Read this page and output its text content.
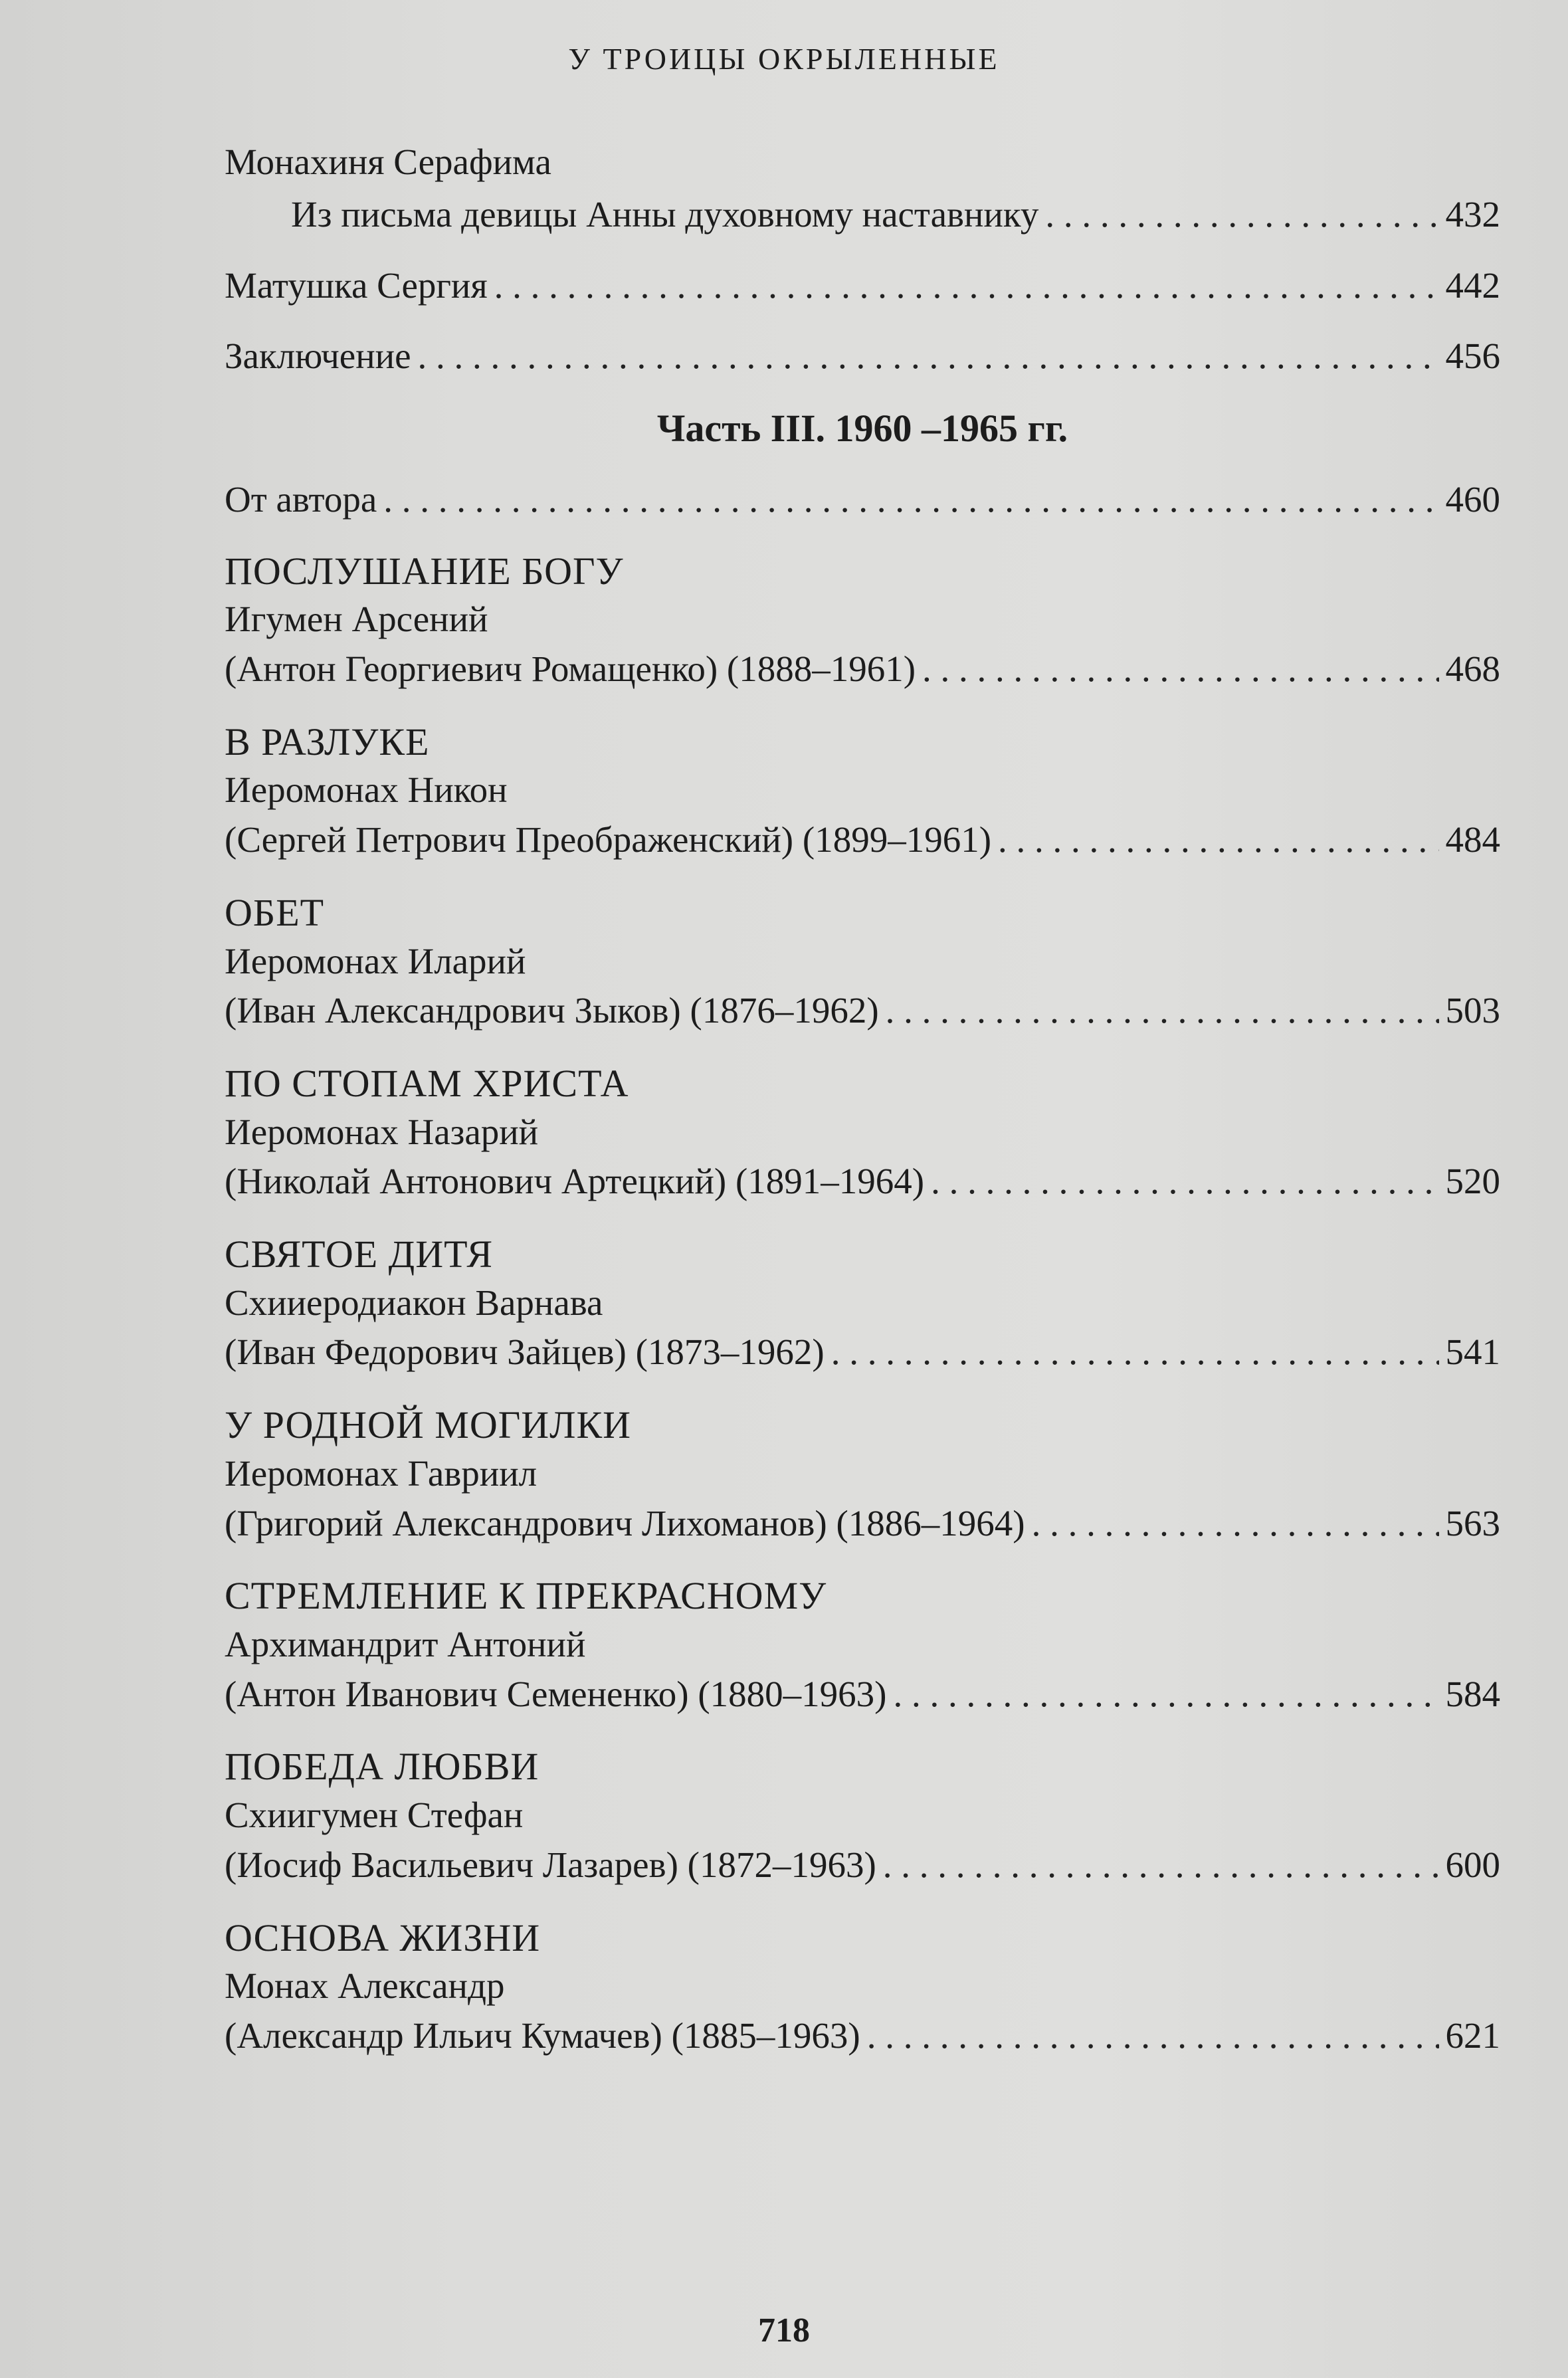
У ТРОИЦЫ ОКРЫЛЕННЫЕ
Монахиня Серафима
Из письма девицы Анны духовному наставнику . . .	432
Матушка Сергия . . .	442
Заключение . . .	456
Часть III. 1960 –1965 гг.
От автора . . .	460
ПОСЛУШАНИЕ БОГУ
Игумен Арсений
(Антон Георгиевич Ромащенко) (1888–1961) . . .	468
В РАЗЛУКЕ
Иеромонах Никон
(Сергей Петрович Преображенский) (1899–1961) . . .	484
ОБЕТ
Иеромонах Иларий
(Иван Александрович Зыков) (1876–1962) . . .	503
ПО СТОПАМ ХРИСТА
Иеромонах Назарий
(Николай Антонович Артецкий) (1891–1964) . . .	520
СВЯТОЕ ДИТЯ
Схииеродиакон Варнава
(Иван Федорович Зайцев) (1873–1962) . . .	541
У РОДНОЙ МОГИЛКИ
Иеромонах Гавриил
(Григорий Александрович Лихоманов) (1886–1964) . . .	563
СТРЕМЛЕНИЕ К ПРЕКРАСНОМУ
Архимандрит Антоний
(Антон Иванович Семененко) (1880–1963) . . .	584
ПОБЕДА ЛЮБВИ
Схиигумен Стефан
(Иосиф Васильевич Лазарев) (1872–1963) . . .	600
ОСНОВА ЖИЗНИ
Монах Александр
(Александр Ильич Кумачев) (1885–1963) . . .	621
718
